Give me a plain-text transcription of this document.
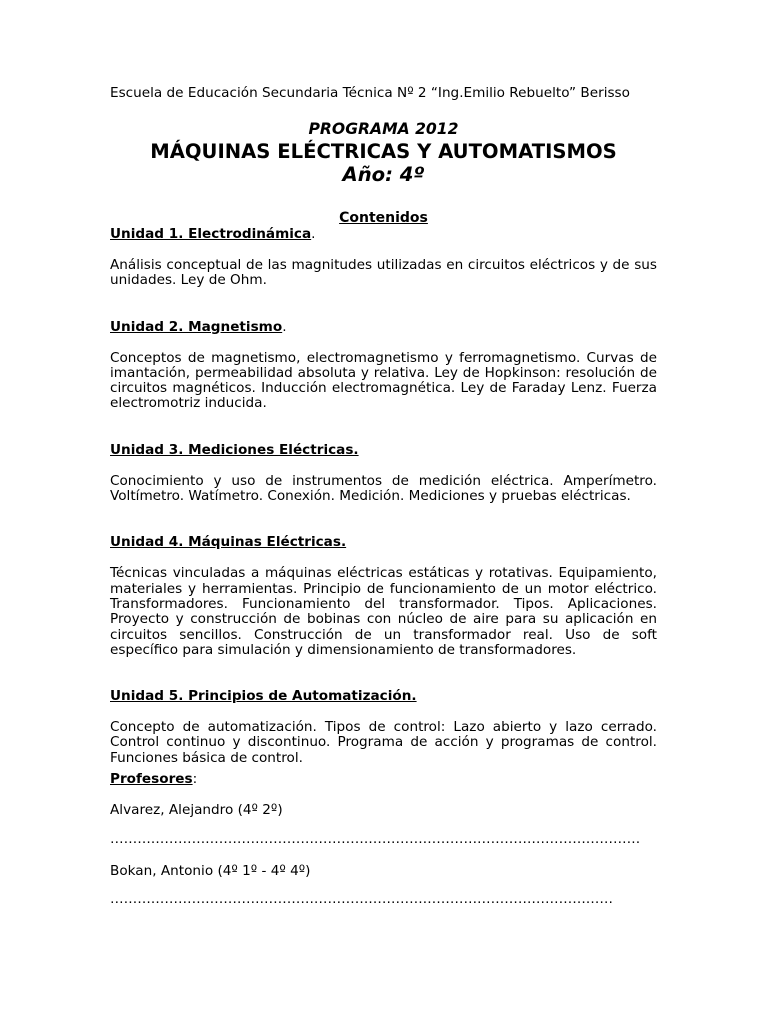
Escuela de Educación Secundaria Técnica Nº 2 “Ing.Emilio Rebuelto” Berisso

PROGRAMA 2012

MÁQUINAS ELÉCTRICAS Y AUTOMATISMOS

Año: 4º

Contenidos

Unidad 1. Electrodinámica.

Análisis conceptual de las magnitudes utilizadas en circuitos eléctricos y de sus unidades. Ley de Ohm.

Unidad 2. Magnetismo.

Conceptos de magnetismo, electromagnetismo y ferromagnetismo. Curvas de imantación, permeabilidad absoluta y relativa. Ley de Hopkinson: resolución de circuitos magnéticos. Inducción electromagnética. Ley de Faraday Lenz. Fuerza electromotriz inducida.

Unidad 3. Mediciones Eléctricas.

Conocimiento y uso de instrumentos de medición eléctrica. Amperímetro. Voltímetro. Watímetro. Conexión. Medición. Mediciones y pruebas eléctricas.

Unidad 4. Máquinas Eléctricas.

Técnicas vinculadas a máquinas eléctricas estáticas y rotativas. Equipamiento, materiales y herramientas. Principio de funcionamiento de un motor eléctrico. Transformadores. Funcionamiento del transformador. Tipos. Aplicaciones. Proyecto y construcción de bobinas con núcleo de aire para su aplicación en circuitos sencillos. Construcción de un transformador real. Uso de soft específico para simulación y dimensionamiento de transformadores.

Unidad 5. Principios de Automatización.

Concepto de automatización. Tipos de control: Lazo abierto y lazo cerrado. Control continuo y discontinuo. Programa de acción y programas de control. Funciones básica de control.

Profesores:

Alvarez, Alejandro (4º 2º)

………………………………………………………………………………………………………

Bokan, Antonio (4º 1º - 4º 4º)

…………………………………………………………………………………………………
